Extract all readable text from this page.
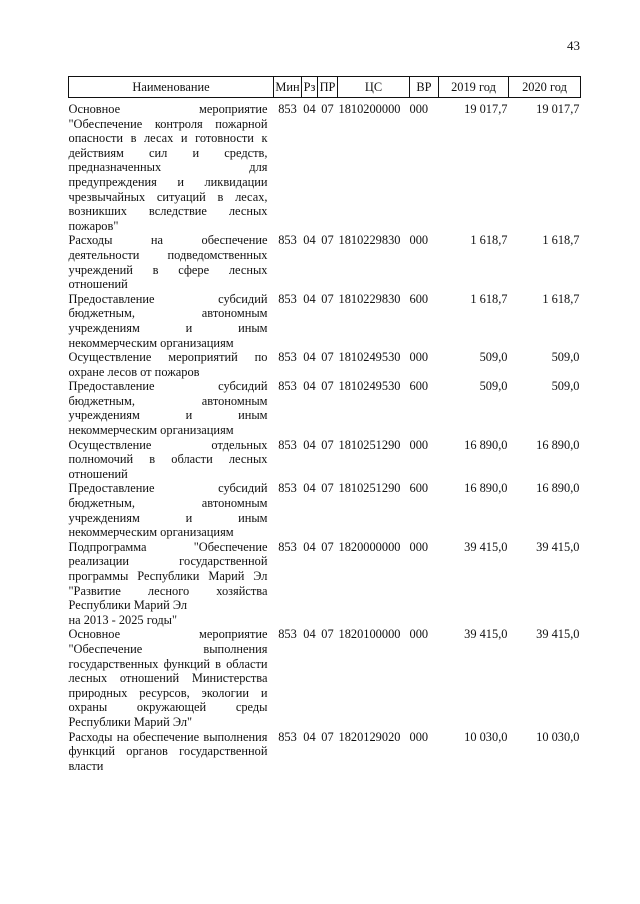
43
Наименование	Мин	Рз	ПР	ЦС	ВР	2019 год	2020 год
Основное мероприятие "Обеспечение контроля пожарной опасности в лесах и готовности к действиям сил и средств, предназначенных для предупреждения и ликвидации чрезвычайных ситуаций в лесах, возникших вследствие лесных пожаров"	853	04	07	1810200000	000	19 017,7	19 017,7
Расходы на обеспечение деятельности подведомственных учреждений в сфере лесных отношений	853	04	07	1810229830	000	1 618,7	1 618,7
Предоставление субсидий бюджетным, автономным учреждениям и иным некоммерческим организациям	853	04	07	1810229830	600	1 618,7	1 618,7
Осуществление мероприятий по охране лесов от пожаров	853	04	07	1810249530	000	509,0	509,0
Предоставление субсидий бюджетным, автономным учреждениям и иным некоммерческим организациям	853	04	07	1810249530	600	509,0	509,0
Осуществление отдельных полномочий в области лесных отношений	853	04	07	1810251290	000	16 890,0	16 890,0
Предоставление субсидий бюджетным, автономным учреждениям и иным некоммерческим организациям	853	04	07	1810251290	600	16 890,0	16 890,0

Подпрограмма "Обеспечение реализации государственной программы Республики Марий Эл "Развитие лесного хозяйства Республики Марий Эл
на 2013 - 2025 годы"	853	04	07	1820000000	000	39 415,0	39 415,0
Основное мероприятие "Обеспечение выполнения государственных функций в области лесных отношений Министерства природных ресурсов, экологии и охраны окружающей среды Республики Марий Эл"	853	04	07	1820100000	000	39 415,0	39 415,0
Расходы на обеспечение выполнения функций органов государственной власти	853	04	07	1820129020	000	10 030,0	10 030,0
